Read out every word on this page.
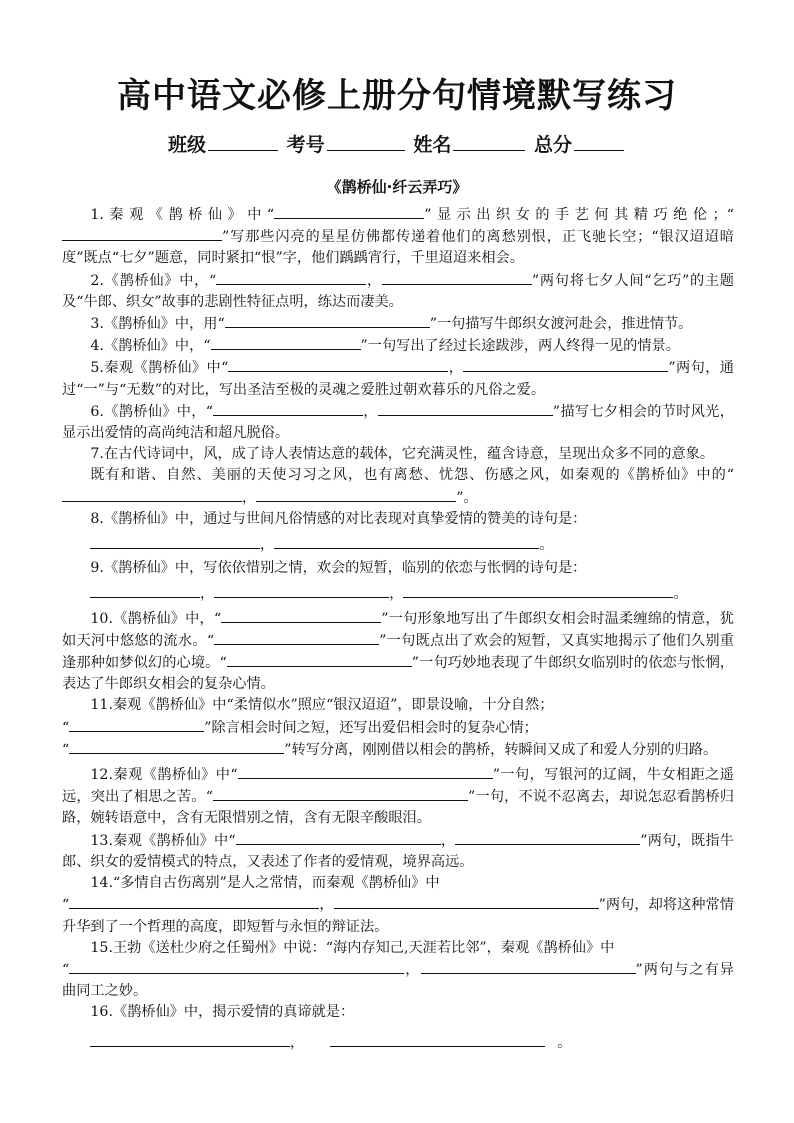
高中语文必修上册分句情境默写练习
班级	考号	姓名	总分
《鹊桥仙·纤云弄巧》

1.秦观《鹊桥仙》中“	”显示出织女的手艺何其精巧绝伦；“”写那些闪亮的星星仿佛都传递着他们的离愁别恨，正飞驰长空；“银汉迢迢暗度”既点“七夕”题意，同时紧扣“恨”字，他们踽踽宵行，千里迢迢来相会。

2.《鹊桥仙》中，“	，	”两句将七夕人间“乞巧”的主题及“牛郎、织女”故事的悲剧性特征点明，练达而凄美。

3.《鹊桥仙》中，用“	”一句描写牛郎织女渡河赴会，推进情节。

4.《鹊桥仙》中，“	”一句写出了经过长途跋涉，两人终得一见的情景。

5.秦观《鹊桥仙》中“	，	”两句，通过“一”与“无数”的对比，写出圣洁至极的灵魂之爱胜过朝欢暮乐的凡俗之爱。

6.《鹊桥仙》中，“	，	”描写七夕相会的节时风光，显示出爱情的高尚纯洁和超凡脱俗。

7.在古代诗词中，风，成了诗人表情达意的载体，它充满灵性，蕴含诗意，呈现出众多不同的意象。

既有和谐、自然、美丽的天使习习之风，也有离愁、忧怨、伤感之风，如秦观的《鹊桥仙》中的“，	”。

8.《鹊桥仙》中，通过与世间凡俗情感的对比表现对真挚爱情的赞美的诗句是：

，	。

9.《鹊桥仙》中，写依依惜别之情，欢会的短暂，临别的依恋与怅惘的诗句是：

，	，	。

10.《鹊桥仙》中，“	”一句形象地写出了牛郎织女相会时温柔缠绵的情意，犹如天河中悠悠的流水。“	”一句既点出了欢会的短暂，又真实地揭示了他们久别重逢那种如梦似幻的心境。“	”一句巧妙地表现了牛郎织女临别时的依恋与怅惘，表达了牛郎织女相会的复杂心情。

11.秦观《鹊桥仙》中“柔情似水”照应“银汉迢迢”，即景设喻，十分自然；

“	”除言相会时间之短，还写出爱侣相会时的复杂心情；

“	”转写分离，刚刚借以相会的鹊桥，转瞬间又成了和爱人分别的归路。

12.秦观《鹊桥仙》中“	”一句，写银河的辽阔，牛女相距之遥远，突出了相思之苦。“	”一句，不说不忍离去，却说怎忍看鹊桥归路，婉转语意中，含有无限惜别之情，含有无限辛酸眼泪。

13.秦观《鹊桥仙》中“	，	”两句，既指牛郎、织女的爱情模式的特点，又表述了作者的爱情观，境界高远。

14.“多情自古伤离别”是人之常情，而秦观《鹊桥仙》中

“	，	”两句，却将这种常情升华到了一个哲理的高度，即短暂与永恒的辩证法。

15.王勃《送杜少府之任蜀州》中说：“海内存知己,天涯若比邻”，秦观《鹊桥仙》中

“	，	”两句与之有异曲同工之妙。

16.《鹊桥仙》中，揭示爱情的真谛就是：

，	。
